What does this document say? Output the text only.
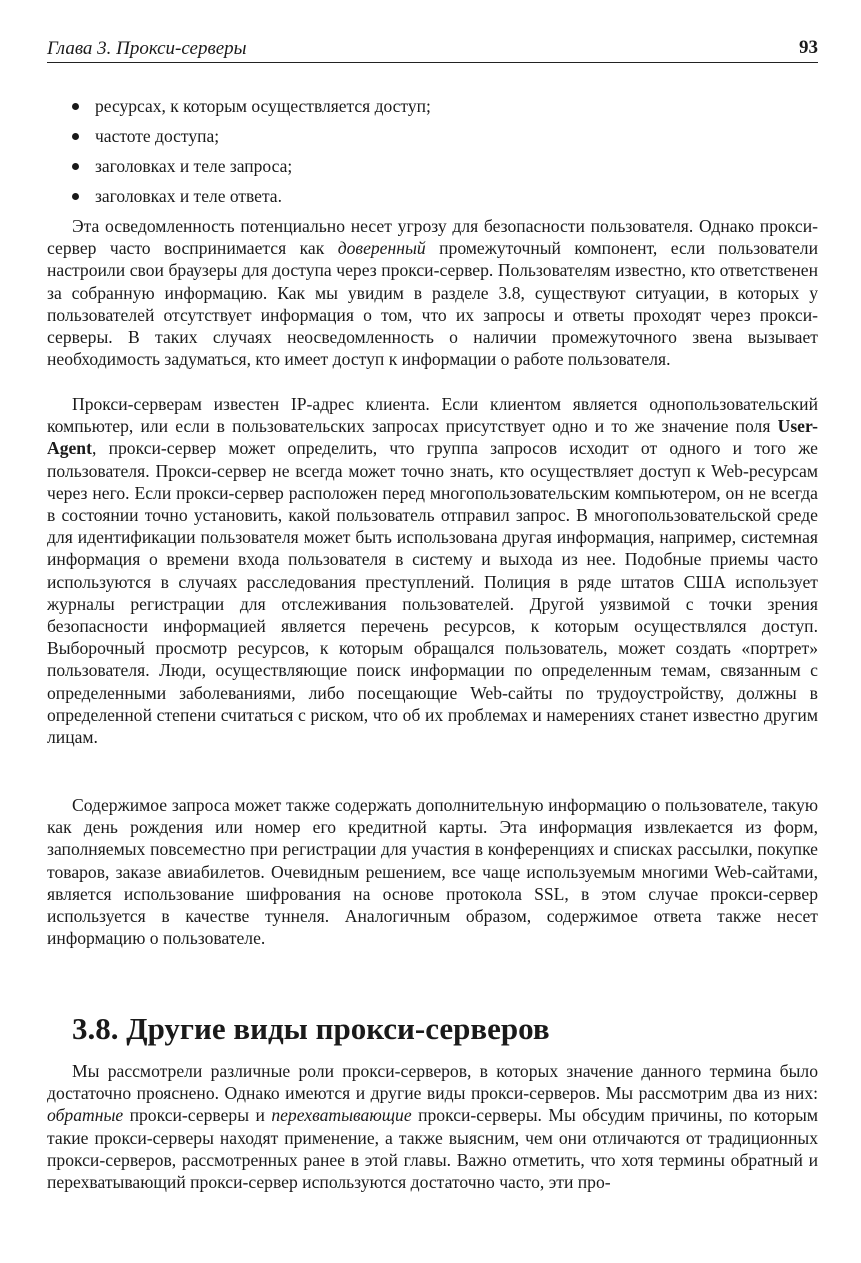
Глава 3. Прокси-серверы	93
ресурсах, к которым осуществляется доступ;
частоте доступа;
заголовках и теле запроса;
заголовках и теле ответа.

Эта осведомленность потенциально несет угрозу для безопасности пользователя. Однако прокси-сервер часто воспринимается как доверенный промежуточный компонент, если пользователи настроили свои браузеры для доступа через прокси-сервер. Пользователям известно, кто ответственен за собранную информацию. Как мы увидим в разделе 3.8, существуют ситуации, в которых у пользователей отсутствует информация о том, что их запросы и ответы проходят через прокси-серверы. В таких случаях неосведомленность о наличии промежуточного звена вызывает необходимость задуматься, кто имеет доступ к информации о работе пользователя.

Прокси-серверам известен IP-адрес клиента. Если клиентом является однопользовательский компьютер, или если в пользовательских запросах присутствует одно и то же значение поля User-Agent, прокси-сервер может определить, что группа запросов исходит от одного и того же пользователя. Прокси-сервер не всегда может точно знать, кто осуществляет доступ к Web-ресурсам через него. Если прокси-сервер расположен перед многопользовательским компьютером, он не всегда в состоянии точно установить, какой пользователь отправил запрос. В многопользовательской среде для идентификации пользователя может быть использована другая информация, например, системная информация о времени входа пользователя в систему и выхода из нее. Подобные приемы часто используются в случаях расследования преступлений. Полиция в ряде штатов США использует журналы регистрации для отслеживания пользователей. Другой уязвимой с точки зрения безопасности информацией является перечень ресурсов, к которым осуществлялся доступ. Выборочный просмотр ресурсов, к которым обращался пользователь, может создать «портрет» пользователя. Люди, осуществляющие поиск информации по определенным темам, связанным с определенными заболеваниями, либо посещающие Web-сайты по трудоустройству, должны в определенной степени считаться с риском, что об их проблемах и намерениях станет известно другим лицам.

Содержимое запроса может также содержать дополнительную информацию о пользователе, такую как день рождения или номер его кредитной карты. Эта информация извлекается из форм, заполняемых повсеместно при регистрации для участия в конференциях и списках рассылки, покупке товаров, заказе авиабилетов. Очевидным решением, все чаще используемым многими Web-сайтами, является использование шифрования на основе протокола SSL, в этом случае прокси-сервер используется в качестве туннеля. Аналогичным образом, содержимое ответа также несет информацию о пользователе.

3.8. Другие виды прокси-серверов

Мы рассмотрели различные роли прокси-серверов, в которых значение данного термина было достаточно прояснено. Однако имеются и другие виды прокси-серверов. Мы рассмотрим два из них: обратные прокси-серверы и перехватывающие прокси-серверы. Мы обсудим причины, по которым такие прокси-серверы находят применение, а также выясним, чем они отличаются от традиционных прокси-серверов, рассмотренных ранее в этой главы. Важно отметить, что хотя термины обратный и перехватывающий прокси-сервер используются достаточно часто, эти про-
